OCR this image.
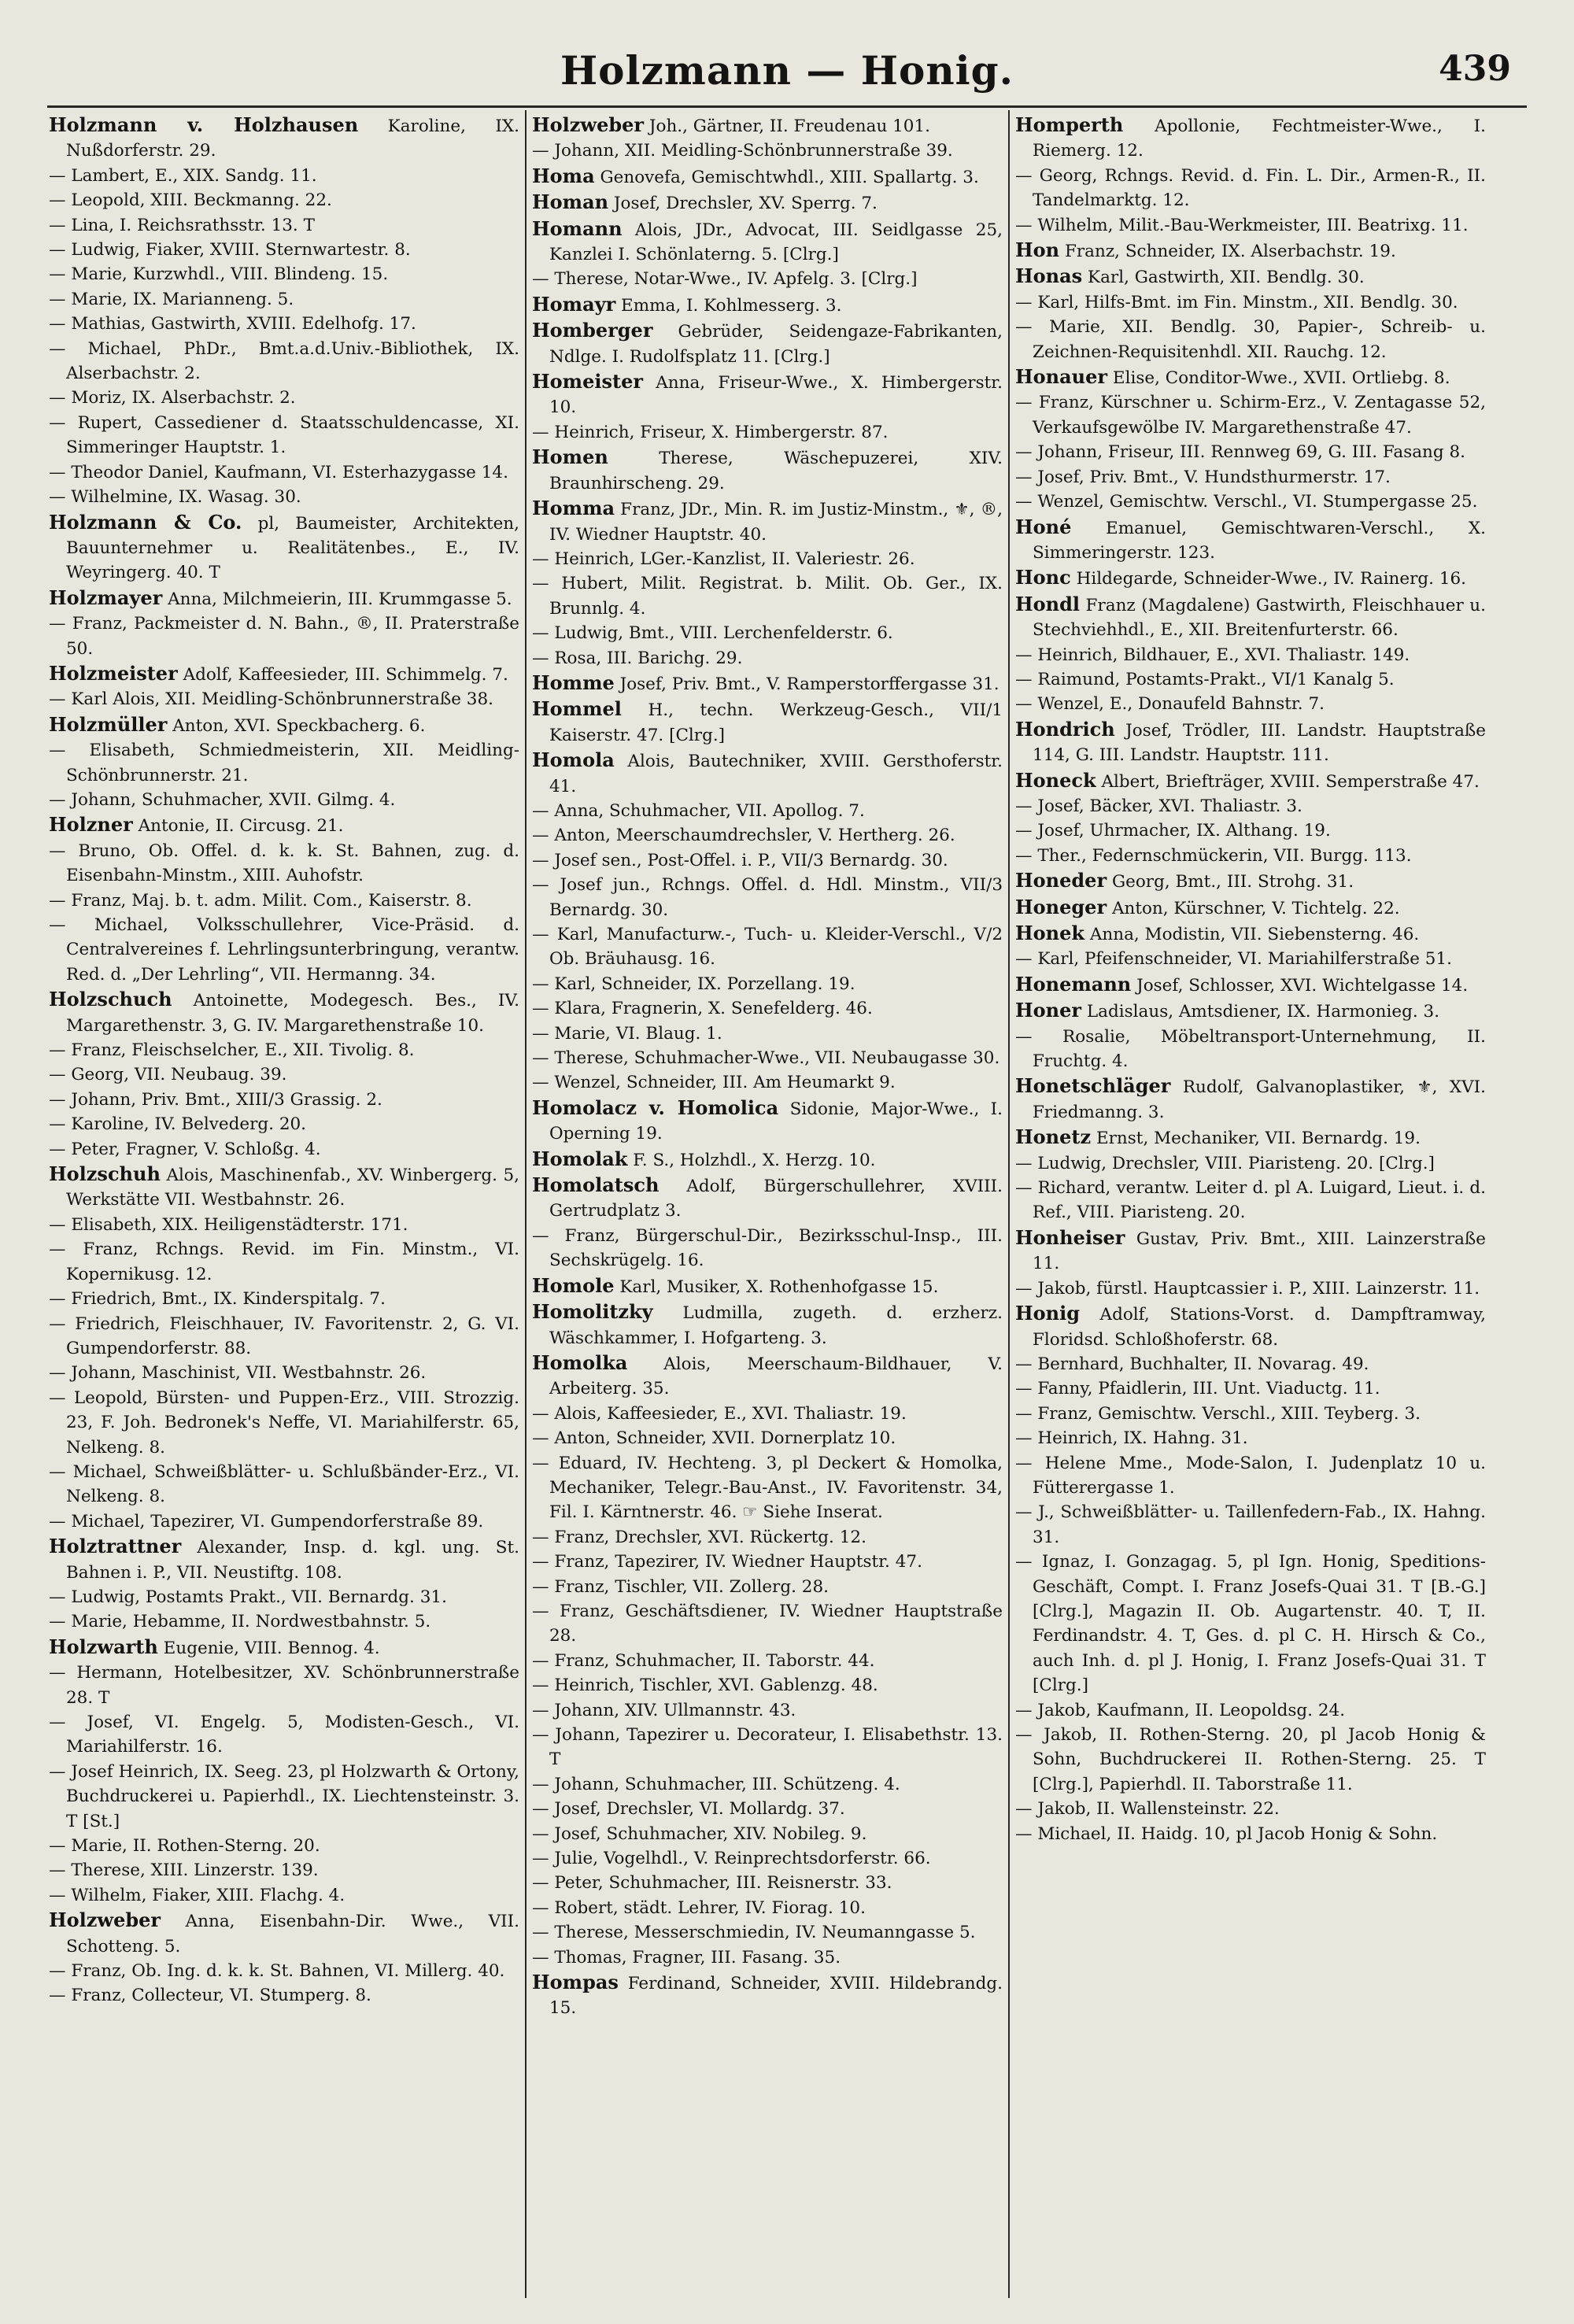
Holzmann — Honig.	439
Holzmann v. Holzhausen Karoline, IX. Nußdorferstr. 29.
— Lambert, E., XIX. Sandg. 11.
— Leopold, XIII. Beckmanng. 22.
— Lina, I. Reichsrathsstr. 13. T
— Ludwig, Fiaker, XVIII. Sternwartestr. 8.
— Marie, Kurzwhdl., VIII. Blindeng. 15.
— Marie, IX. Marianneng. 5.
— Mathias, Gastwirth, XVIII. Edelhofg. 17.
— Michael, PhDr., Bmt.a.d.Univ.-Bibliothek, IX. Alserbachstr. 2.
— Moriz, IX. Alserbachstr. 2.
— Rupert, Cassediener d. Staatsschuldencasse, XI. Simmeringer Hauptstr. 1.
— Theodor Daniel, Kaufmann, VI. Esterhazygasse 14.
— Wilhelmine, IX. Wasag. 30.
Holzmann & Co. pl, Baumeister, Architekten, Bauunternehmer u. Realitätenbes., E., IV. Weyringerg. 40. T
Holzmayer Anna, Milchmeierin, III. Krummgasse 5.
— Franz, Packmeister d. N. Bahn., ®, II. Praterstraße 50.
Holzmeister Adolf, Kaffeesieder, III. Schimmelg. 7.
— Karl Alois, XII. Meidling-Schönbrunnerstraße 38.
Holzmüller Anton, XVI. Speckbacherg. 6.
— Elisabeth, Schmiedmeisterin, XII. Meidling-Schönbrunnerstr. 21.
— Johann, Schuhmacher, XVII. Gilmg. 4.
Holzner Antonie, II. Circusg. 21.
— Bruno, Ob. Offel. d. k. k. St. Bahnen, zug. d. Eisenbahn-Minstm., XIII. Auhofstr.
— Franz, Maj. b. t. adm. Milit. Com., Kaiserstr. 8.
— Michael, Volksschullehrer, Vice-Präsid. d. Centralvereines f. Lehrlingsunterbringung, verantw. Red. d. „Der Lehrling“, VII. Hermanng. 34.
Holzschuch Antoinette, Modegesch. Bes., IV. Margarethenstr. 3, G. IV. Margarethenstraße 10.
— Franz, Fleischselcher, E., XII. Tivolig. 8.
— Georg, VII. Neubaug. 39.
— Johann, Priv. Bmt., XIII/3 Grassig. 2.
— Karoline, IV. Belvederg. 20.
— Peter, Fragner, V. Schloßg. 4.
Holzschuh Alois, Maschinenfab., XV. Winbergerg. 5, Werkstätte VII. Westbahnstr. 26.
— Elisabeth, XIX. Heiligenstädterstr. 171.
— Franz, Rchngs. Revid. im Fin. Minstm., VI. Kopernikusg. 12.
— Friedrich, Bmt., IX. Kinderspitalg. 7.
— Friedrich, Fleischhauer, IV. Favoritenstr. 2, G. VI. Gumpendorferstr. 88.
— Johann, Maschinist, VII. Westbahnstr. 26.
— Leopold, Bürsten- und Puppen-Erz., VIII. Strozzig. 23, F. Joh. Bedronek's Neffe, VI. Mariahilferstr. 65, Nelkeng. 8.
— Michael, Schweißblätter- u. Schlußbänder-Erz., VI. Nelkeng. 8.
— Michael, Tapezirer, VI. Gumpendorferstraße 89.
Holztrattner Alexander, Insp. d. kgl. ung. St. Bahnen i. P., VII. Neustiftg. 108.
— Ludwig, Postamts Prakt., VII. Bernardg. 31.
— Marie, Hebamme, II. Nordwestbahnstr. 5.
Holzwarth Eugenie, VIII. Bennog. 4.
— Hermann, Hotelbesitzer, XV. Schönbrunnerstraße 28. T
— Josef, VI. Engelg. 5, Modisten-Gesch., VI. Mariahilferstr. 16.
— Josef Heinrich, IX. Seeg. 23, pl Holzwarth & Ortony, Buchdruckerei u. Papierhdl., IX. Liechtensteinstr. 3. T [St.]
— Marie, II. Rothen-Sterng. 20.
— Therese, XIII. Linzerstr. 139.
— Wilhelm, Fiaker, XIII. Flachg. 4.
Holzweber Anna, Eisenbahn-Dir. Wwe., VII. Schotteng. 5.
— Franz, Ob. Ing. d. k. k. St. Bahnen, VI. Millerg. 40.
— Franz, Collecteur, VI. Stumperg. 8.
Holzweber Joh., Gärtner, II. Freudenau 101.
— Johann, XII. Meidling-Schönbrunnerstraße 39.
Homa Genovefa, Gemischtwhdl., XIII. Spallartg. 3.
Homan Josef, Drechsler, XV. Sperrg. 7.
Homann Alois, JDr., Advocat, III. Seidlgasse 25, Kanzlei I. Schönlaterng. 5. [Clrg.]
— Therese, Notar-Wwe., IV. Apfelg. 3. [Clrg.]
Homayr Emma, I. Kohlmesserg. 3.
Homberger Gebrüder, Seidengaze-Fabrikanten, Ndlge. I. Rudolfsplatz 11. [Clrg.]
Homeister Anna, Friseur-Wwe., X. Himbergerstr. 10.
— Heinrich, Friseur, X. Himbergerstr. 87.
Homen Therese, Wäschepuzerei, XIV. Braunhirscheng. 29.
Homma Franz, JDr., Min. R. im Justiz-Minstm., ⚜, ®, IV. Wiedner Hauptstr. 40.
— Heinrich, LGer.-Kanzlist, II. Valeriestr. 26.
— Hubert, Milit. Registrat. b. Milit. Ob. Ger., IX. Brunnlg. 4.
— Ludwig, Bmt., VIII. Lerchenfelderstr. 6.
— Rosa, III. Barichg. 29.
Homme Josef, Priv. Bmt., V. Ramperstorffergasse 31.
Hommel H., techn. Werkzeug-Gesch., VII/1 Kaiserstr. 47. [Clrg.]
Homola Alois, Bautechniker, XVIII. Gersthoferstr. 41.
— Anna, Schuhmacher, VII. Apollog. 7.
— Anton, Meerschaumdrechsler, V. Hertherg. 26.
— Josef sen., Post-Offel. i. P., VII/3 Bernardg. 30.
— Josef jun., Rchngs. Offel. d. Hdl. Minstm., VII/3 Bernardg. 30.
— Karl, Manufacturw.-, Tuch- u. Kleider-Verschl., V/2 Ob. Bräuhausg. 16.
— Karl, Schneider, IX. Porzellang. 19.
— Klara, Fragnerin, X. Senefelderg. 46.
— Marie, VI. Blaug. 1.
— Therese, Schuhmacher-Wwe., VII. Neubaugasse 30.
— Wenzel, Schneider, III. Am Heumarkt 9.
Homolacz v. Homolica Sidonie, Major-Wwe., I. Operning 19.
Homolak F. S., Holzhdl., X. Herzg. 10.
Homolatsch Adolf, Bürgerschullehrer, XVIII. Gertrudplatz 3.
— Franz, Bürgerschul-Dir., Bezirksschul-Insp., III. Sechskrügelg. 16.
Homole Karl, Musiker, X. Rothenhofgasse 15.
Homolitzky Ludmilla, zugeth. d. erzherz. Wäschkammer, I. Hofgarteng. 3.
Homolka Alois, Meerschaum-Bildhauer, V. Arbeiterg. 35.
— Alois, Kaffeesieder, E., XVI. Thaliastr. 19.
— Anton, Schneider, XVII. Dornerplatz 10.
— Eduard, IV. Hechteng. 3, pl Deckert & Homolka, Mechaniker, Telegr.-Bau-Anst., IV. Favoritenstr. 34, Fil. I. Kärntnerstr. 46. ☞ Siehe Inserat.
— Franz, Drechsler, XVI. Rückertg. 12.
— Franz, Tapezirer, IV. Wiedner Hauptstr. 47.
— Franz, Tischler, VII. Zollerg. 28.
— Franz, Geschäftsdiener, IV. Wiedner Hauptstraße 28.
— Franz, Schuhmacher, II. Taborstr. 44.
— Heinrich, Tischler, XVI. Gablenzg. 48.
— Johann, XIV. Ullmannstr. 43.
— Johann, Tapezirer u. Decorateur, I. Elisabethstr. 13. T
— Johann, Schuhmacher, III. Schützeng. 4.
— Josef, Drechsler, VI. Mollardg. 37.
— Josef, Schuhmacher, XIV. Nobileg. 9.
— Julie, Vogelhdl., V. Reinprechtsdorferstr. 66.
— Peter, Schuhmacher, III. Reisnerstr. 33.
— Robert, städt. Lehrer, IV. Fiorag. 10.
— Therese, Messerschmiedin, IV. Neumanngasse 5.
— Thomas, Fragner, III. Fasang. 35.
Hompas Ferdinand, Schneider, XVIII. Hildebrandg. 15.
Homperth Apollonie, Fechtmeister-Wwe., I. Riemerg. 12.
— Georg, Rchngs. Revid. d. Fin. L. Dir., Armen-R., II. Tandelmarktg. 12.
— Wilhelm, Milit.-Bau-Werkmeister, III. Beatrixg. 11.
Hon Franz, Schneider, IX. Alserbachstr. 19.
Honas Karl, Gastwirth, XII. Bendlg. 30.
— Karl, Hilfs-Bmt. im Fin. Minstm., XII. Bendlg. 30.
— Marie, XII. Bendlg. 30, Papier-, Schreib- u. Zeichnen-Requisitenhdl. XII. Rauchg. 12.
Honauer Elise, Conditor-Wwe., XVII. Ortliebg. 8.
— Franz, Kürschner u. Schirm-Erz., V. Zentagasse 52, Verkaufsgewölbe IV. Margarethenstraße 47.
— Johann, Friseur, III. Rennweg 69, G. III. Fasang 8.
— Josef, Priv. Bmt., V. Hundsthurmerstr. 17.
— Wenzel, Gemischtw. Verschl., VI. Stumpergasse 25.
Honé Emanuel, Gemischtwaren-Verschl., X. Simmeringerstr. 123.
Honc Hildegarde, Schneider-Wwe., IV. Rainerg. 16.
Hondl Franz (Magdalene) Gastwirth, Fleischhauer u. Stechviehhdl., E., XII. Breitenfurterstr. 66.
— Heinrich, Bildhauer, E., XVI. Thaliastr. 149.
— Raimund, Postamts-Prakt., VI/1 Kanalg 5.
— Wenzel, E., Donaufeld Bahnstr. 7.
Hondrich Josef, Trödler, III. Landstr. Hauptstraße 114, G. III. Landstr. Hauptstr. 111.
Honeck Albert, Briefträger, XVIII. Semperstraße 47.
— Josef, Bäcker, XVI. Thaliastr. 3.
— Josef, Uhrmacher, IX. Althang. 19.
— Ther., Federnschmückerin, VII. Burgg. 113.
Honeder Georg, Bmt., III. Strohg. 31.
Honeger Anton, Kürschner, V. Tichtelg. 22.
Honek Anna, Modistin, VII. Siebensterng. 46.
— Karl, Pfeifenschneider, VI. Mariahilferstraße 51.
Honemann Josef, Schlosser, XVI. Wichtelgasse 14.
Honer Ladislaus, Amtsdiener, IX. Harmonieg. 3.
— Rosalie, Möbeltransport-Unternehmung, II. Fruchtg. 4.
Honetschläger Rudolf, Galvanoplastiker, ⚜, XVI. Friedmanng. 3.
Honetz Ernst, Mechaniker, VII. Bernardg. 19.
— Ludwig, Drechsler, VIII. Piaristeng. 20. [Clrg.]
— Richard, verantw. Leiter d. pl A. Luigard, Lieut. i. d. Ref., VIII. Piaristeng. 20.
Honheiser Gustav, Priv. Bmt., XIII. Lainzerstraße 11.
— Jakob, fürstl. Hauptcassier i. P., XIII. Lainzerstr. 11.
Honig Adolf, Stations-Vorst. d. Dampftramway, Floridsd. Schloßhoferstr. 68.
— Bernhard, Buchhalter, II. Novarag. 49.
— Fanny, Pfaidlerin, III. Unt. Viaductg. 11.
— Franz, Gemischtw. Verschl., XIII. Teyberg. 3.
— Heinrich, IX. Hahng. 31.
— Helene Mme., Mode-Salon, I. Judenplatz 10 u. Fütterergasse 1.
— J., Schweißblätter- u. Taillenfedern-Fab., IX. Hahng. 31.
— Ignaz, I. Gonzagag. 5, pl Ign. Honig, Speditions-Geschäft, Compt. I. Franz Josefs-Quai 31. T [B.-G.] [Clrg.], Magazin II. Ob. Augartenstr. 40. T, II. Ferdinandstr. 4. T, Ges. d. pl C. H. Hirsch & Co., auch Inh. d. pl J. Honig, I. Franz Josefs-Quai 31. T [Clrg.]
— Jakob, Kaufmann, II. Leopoldsg. 24.
— Jakob, II. Rothen-Sterng. 20, pl Jacob Honig & Sohn, Buchdruckerei II. Rothen-Sterng. 25. T [Clrg.], Papierhdl. II. Taborstraße 11.
— Jakob, II. Wallensteinstr. 22.
— Michael, II. Haidg. 10, pl Jacob Honig & Sohn.
